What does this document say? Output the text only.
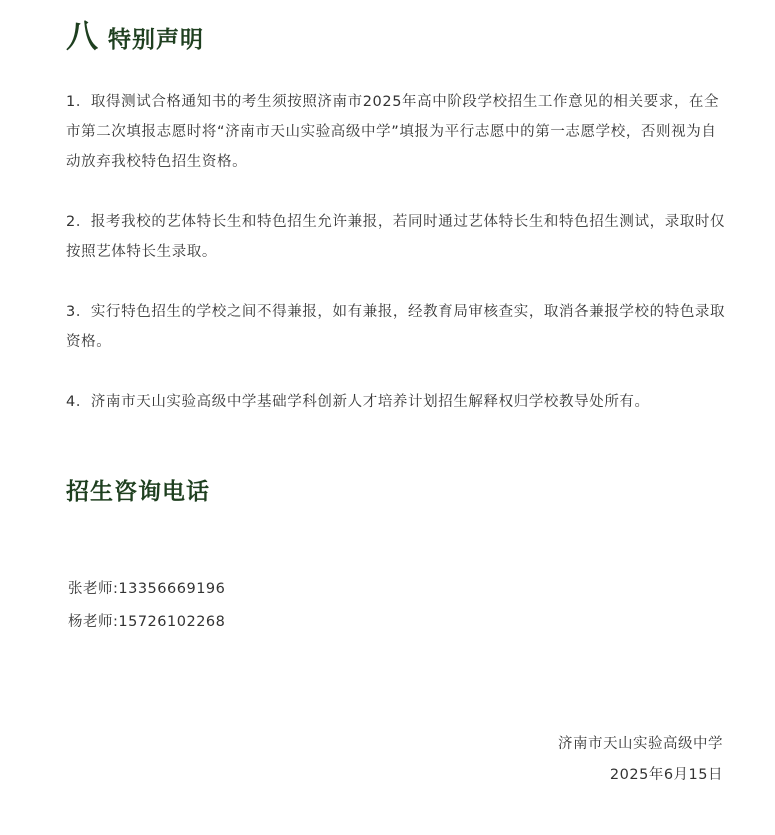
八 特别声明
1．取得测试合格通知书的考生须按照济南市2025年高中阶段学校招生工作意见的相关要求，在全市第二次填报志愿时将“济南市天山实验高级中学”填报为平行志愿中的第一志愿学校，否则视为自动放弃我校特色招生资格。
2．报考我校的艺体特长生和特色招生允许兼报，若同时通过艺体特长生和特色招生测试，录取时仅按照艺体特长生录取。
3．实行特色招生的学校之间不得兼报，如有兼报，经教育局审核查实，取消各兼报学校的特色录取资格。
4．济南市天山实验高级中学基础学科创新人才培养计划招生解释权归学校教导处所有。
招生咨询电话
张老师:13356669196
杨老师:15726102268
济南市天山实验高级中学
2025年6月15日
